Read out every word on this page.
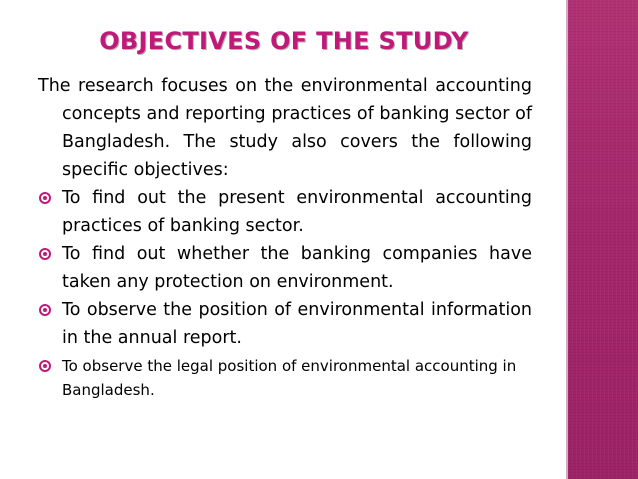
OBJECTIVES OF THE STUDY

The research focuses on the environmental accounting concepts and reporting practices of banking sector of Bangladesh. The study also covers the following specific objectives:

To find out the present environmental accounting practices of banking sector.
To find out whether the banking companies have taken any protection on environment.
To observe the position of environmental information in the annual report.
To observe the legal position of environmental accounting in Bangladesh.
